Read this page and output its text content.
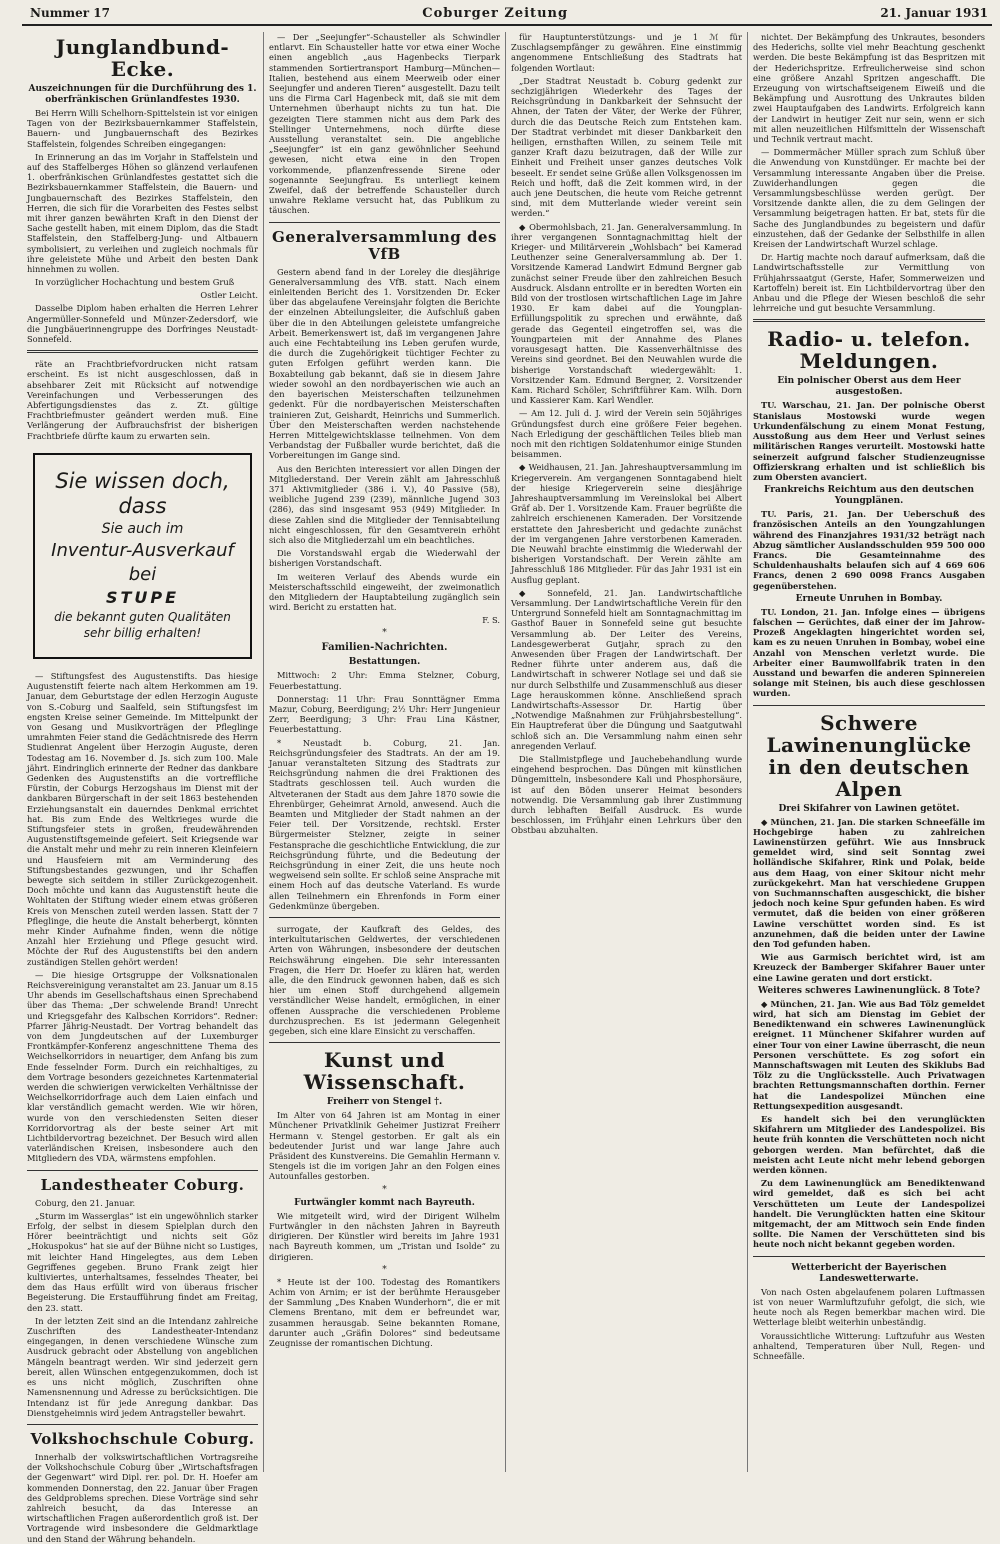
Nummer 17	Coburger Zeitung	21. Januar 1931
Junglandbund-Ecke.
Auszeichnungen für die Durchführung des 1. oberfränkischen Grünlandfestes 1930.

Bei Herrn Willi Schelhorn-Spittelstein ist vor einigen Tagen von der Bezirksbauernkammer Staffelstein, Bauern- und Jungbauernschaft des Bezirkes Staffelstein, folgendes Schreiben eingegangen:

In Erinnerung an das im Vorjahr in Staffelstein und auf des Staffelberges Höhen so glänzend verlaufenen 1. oberfränkischen Grünlandfestes gestattet sich die Bezirksbauernkammer Staffelstein, die Bauern- und Jungbauernschaft des Bezirkes Staffelstein, den Herren, die sich für die Vorarbeiten des Festes selbst mit ihrer ganzen bewährten Kraft in den Dienst der Sache gestellt haben, mit einem Diplom, das die Stadt Staffelstein, den Staffelberg-Jung- und Altbauern symbolisiert, zu verleihen und zugleich nochmals für ihre geleistete Mühe und Arbeit den besten Dank hinnehmen zu wollen.

In vorzüglicher Hochachtung und bestem Gruß

Ostler Leicht.

Dasselbe Diplom haben erhalten die Herren Lehrer Angermüller-Sonnefeld und Münzer-Zedersdorf, wie die Jungbäuerinnengruppe des Dorfringes Neustadt-Sonnefeld.

räte an Frachtbriefvordrucken nicht ratsam erscheint. Es ist nicht ausgeschlossen, daß in absehbarer Zeit mit Rücksicht auf notwendige Vereinfachungen und Verbesserungen des Abfertigungsdienstes das z. Zt. gültige Frachtbriefmuster geändert werden muß. Eine Verlängerung der Aufbrauchsfrist der bisherigen Frachtbriefe dürfte kaum zu erwarten sein.

Sie wissen doch, dass
Sie auch im
Inventur-Ausverkauf bei
STUPE
die bekannt guten Qualitäten sehr billig erhalten!

— Stiftungsfest des Augustenstifts. Das hiesige Augustenstift feierte nach altem Herkommen am 19. Januar, dem Geburtstage der edlen Herzogin Auguste von S.-Coburg und Saalfeld, sein Stiftungsfest im engsten Kreise seiner Gemeinde. Im Mittelpunkt der von Gesang und Musikvorträgen der Pfleglinge umrahmten Feier stand die Gedächtnisrede des Herrn Studienrat Angelent über Herzogin Auguste, deren Todestag am 16. November d. Js. sich zum 100. Male jährt. Eindringlich erinnerte der Redner das dankbare Gedenken des Augustenstifts an die vortreffliche Fürstin, der Coburgs Herzogshaus im Dienst mit der dankbaren Bürgerschaft in der seit 1863 bestehenden Erziehungsanstalt ein dauerndes Denkmal errichtet hat. Bis zum Ende des Weltkrieges wurde die Stiftungsfeier stets in großen, freudewährenden Augustenstiftsgemeinde gefeiert. Seit Kriegsende war die Anstalt mehr und mehr zu rein inneren Kleinfeiern und Hausfeiern mit am Verminderung des Stiftungsbestandes gezwungen, und ihr Schaffen bewegte sich seitdem in stiller Zurückgezogenheit. Doch möchte und kann das Augustenstift heute die Wohltaten der Stiftung wieder einem etwas größeren Kreis von Menschen zuteil werden lassen. Statt der 7 Pfleglinge, die heute die Anstalt beherbergt, könnten mehr Kinder Aufnahme finden, wenn die nötige Anzahl hier Erziehung und Pflege gesucht wird. Möchte der Ruf des Augustenstifts bei den andern zuständigen Stellen gehört werden!

— Die hiesige Ortsgruppe der Volksnationalen Reichsvereinigung veranstaltet am 23. Januar um 8.15 Uhr abends im Gesellschaftshaus einen Sprechabend über das Thema: „Der schwelende Brand! Unrecht und Kriegsgefahr des Kalbschen Korridors“. Redner: Pfarrer Jährig-Neustadt. Der Vortrag behandelt das von dem Jungdeutschen auf der Luxemburger Frontkämpfer-Konferenz angeschnittene Thema des Weichselkorridors in neuartiger, dem Anfang bis zum Ende fesselnder Form. Durch ein reichhaltiges, zu dem Vortrage besonders gezeichnetes Kartenmaterial werden die schwierigen verwickelten Verhältnisse der Weichselkorridorfrage auch dem Laien einfach und klar verständlich gemacht werden. Wie wir hören, wurde von den verschiedensten Seiten dieser Korridorvortrag als der beste seiner Art mit Lichtbildervortrag bezeichnet. Der Besuch wird allen vaterländischen Kreisen, insbesondere auch den Mitgliedern des VDA, wärmstens empfohlen.

Landestheater Coburg.

Coburg, den 21. Januar.

„Sturm im Wasserglas“ ist ein ungewöhnlich starker Erfolg, der selbst in diesem Spielplan durch den Hörer beeinträchtigt und nichts seit Göz „Hokuspokus“ hat sie auf der Bühne nicht so Lustiges, mit leichter Hand Hingelegtes, aus dem Leben Gegriffenes gegeben. Bruno Frank zeigt hier kultiviertes, unterhaltsames, fesselndes Theater, bei dem das Haus erfüllt wird von überaus frischer Begeisterung. Die Erstaufführung findet am Freitag, den 23. statt.

In der letzten Zeit sind an die Intendanz zahlreiche Zuschriften des Landestheater-Intendanz eingegangen, in denen verschiedene Wünsche zum Ausdruck gebracht oder Abstellung von angeblichen Mängeln beantragt werden. Wir sind jederzeit gern bereit, allen Wünschen entgegenzukommen, doch ist es uns nicht möglich, Zuschriften ohne Namensnennung und Adresse zu berücksichtigen. Die Intendanz ist für jede Anregung dankbar. Das Dienstgeheimnis wird jedem Antragsteller bewahrt.

Volkshochschule Coburg.

Innerhalb der volkswirtschaftlichen Vortragsreihe der Volkshochschule Coburg über „Wirtschaftsfragen der Gegenwart“ wird Dipl. rer. pol. Dr. H. Hoefer am kommenden Donnerstag, den 22. Januar über Fragen des Geldproblems sprechen. Diese Vorträge sind sehr zahlreich besucht, da das Interesse an wirtschaftlichen Fragen außerordentlich groß ist. Der Vortragende wird insbesondere die Geldmarktlage und den Stand der Währung behandeln.

— Der „Seejungfer“-Schausteller als Schwindler entlarvt. Ein Schausteller hatte vor etwa einer Woche einen angeblich „aus Hagenbecks Tierpark stammenden Sortiertransport Hamburg—München—Italien, bestehend aus einem Meerweib oder einer Seejungfer und anderen Tieren“ ausgestellt. Dazu teilt uns die Firma Carl Hagenbeck mit, daß sie mit dem Unternehmen überhaupt nichts zu tun hat. Die gezeigten Tiere stammen nicht aus dem Park des Stellinger Unternehmens, noch dürfte diese Ausstellung veranstaltet sein. Die angebliche „Seejungfer“ ist ein ganz gewöhnlicher Seehund gewesen, nicht etwa eine in den Tropen vorkommende, pflanzenfressende Sirene oder sogenannte Seejungfrau. Es unterliegt keinem Zweifel, daß der betreffende Schausteller durch unwahre Reklame versucht hat, das Publikum zu täuschen.

Generalversammlung des VfB

Gestern abend fand in der Loreley die diesjährige Generalversammlung des VfB. statt. Nach einem einleitenden Bericht des 1. Vorsitzenden Dr. Ecker über das abgelaufene Vereinsjahr folgten die Berichte der einzelnen Abteilungsleiter, die Aufschluß gaben über die in den Abteilungen geleistete umfangreiche Arbeit. Bemerkenswert ist, daß im vergangenen Jahre auch eine Fechtabteilung ins Leben gerufen wurde, die durch die Zugehörigkeit tüchtiger Fechter zu guten Erfolgen geführt werden kann. Die Boxabteilung gab bekannt, daß sie in diesem Jahre wieder sowohl an den nordbayerischen wie auch an den bayerischen Meisterschaften teilzunehmen gedenkt. Für die nordbayerischen Meisterschaften trainieren Zut, Geishardt, Heinrichs und Summerlich. Über den Meisterschaften werden nachstehende Herren Mittelgewichtsklasse teilnehmen. Von dem Verbandstag der Fußballer wurde berichtet, daß die Vorbereitungen im Gange sind.

Aus den Berichten interessiert vor allen Dingen der Mitgliederstand. Der Verein zählt am Jahresschluß 371 Aktivmitglieder (386 i. V.), 40 Passive (58), weibliche Jugend 239 (239), männliche Jugend 303 (286), das sind insgesamt 953 (949) Mitglieder. In diese Zahlen sind die Mitglieder der Tennisabteilung nicht eingeschlossen, für den Gesamtverein erhöht sich also die Mitgliederzahl um ein beachtliches.

Die Vorstandswahl ergab die Wiederwahl der bisherigen Vorstandschaft.

Im weiteren Verlauf des Abends wurde ein Meisterschaftsschild eingeweiht, der zweimonatlich den Mitgliedern der Hauptabteilung zugänglich sein wird. Bericht zu erstatten hat.

F. S.
*
Familien-Nachrichten.
Bestattungen.

Mittwoch: 2 Uhr: Emma Stelzner, Coburg, Feuerbestattung.

Donnerstag: 11 Uhr: Frau Sonnttägner Emma Mazur, Coburg, Beerdigung; 2½ Uhr: Herr Jungenieur Zerr, Beerdigung; 3 Uhr: Frau Lina Kästner, Feuerbestattung.

* Neustadt b. Coburg, 21. Jan. Reichsgründungsfeier des Stadtrats. An der am 19. Januar veranstalteten Sitzung des Stadtrats zur Reichsgründung nahmen die drei Fraktionen des Stadtrats geschlossen teil. Auch wurden die Altveteranen der Stadt aus dem Jahre 1870 sowie die Ehrenbürger, Geheimrat Arnold, anwesend. Auch die Beamten und Mitglieder der Stadt nahmen an der Feier teil. Der Vorsitzende, rechtskl. Erster Bürgermeister Stelzner, zeigte in seiner Festansprache die geschichtliche Entwicklung, die zur Reichsgründung führte, und die Bedeutung der Reichsgründung in einer Zeit, die uns heute noch wegweisend sein sollte. Er schloß seine Ansprache mit einem Hoch auf das deutsche Vaterland. Es wurde allen Teilnehmern ein Ehrenfonds in Form einer Gedenkmünze übergeben.

surrogate, der Kaufkraft des Geldes, des interkultutarischen Geldwertes, der verschiedenen Arten von Währungen, insbesondere der deutschen Reichswährung eingehen. Die sehr interessanten Fragen, die Herr Dr. Hoefer zu klären hat, werden alle, die den Eindruck gewonnen haben, daß es sich hier um einen Stoff durchgehend allgemein verständlicher Weise handelt, ermöglichen, in einer offenen Aussprache die verschiedenen Probleme durchzusprechen. Es ist jedermann Gelegenheit gegeben, sich eine klare Einsicht zu verschaffen.

Kunst und Wissenschaft.
Freiherr von Stengel †.

Im Alter von 64 Jahren ist am Montag in einer Münchener Privatklinik Geheimer Justizrat Freiherr Hermann v. Stengel gestorben. Er galt als ein bedeutender Jurist und war lange Jahre auch Präsident des Kunstvereins. Die Gemahlin Hermann v. Stengels ist die im vorigen Jahr an den Folgen eines Autounfalles gestorben.

*
Furtwängler kommt nach Bayreuth.

Wie mitgeteilt wird, wird der Dirigent Wilhelm Furtwängler in den nächsten Jahren in Bayreuth dirigieren. Der Künstler wird bereits im Jahre 1931 nach Bayreuth kommen, um „Tristan und Isolde“ zu dirigieren.

*

* Heute ist der 100. Todestag des Romantikers Achim von Arnim; er ist der berühmte Herausgeber der Sammlung „Des Knaben Wunderhorn“, die er mit Clemens Brentano, mit dem er befreundet war, zusammen herausgab. Seine bekannten Romane, darunter auch „Gräfin Dolores“ sind bedeutsame Zeugnisse der romantischen Dichtung.

für Hauptunterstützungs- und je 1 ℳ für Zuschlagsempfänger zu gewähren. Eine einstimmig angenommene Entschließung des Stadtrats hat folgenden Wortlaut:

„Der Stadtrat Neustadt b. Coburg gedenkt zur sechzigjährigen Wiederkehr des Tages der Reichsgründung in Dankbarkeit der Sehnsucht der Ahnen, der Taten der Väter, der Werke der Führer, durch die das Deutsche Reich zum Entstehen kam. Der Stadtrat verbindet mit dieser Dankbarkeit den heiligen, ernsthaften Willen, zu seinem Teile mit ganzer Kraft dazu beizutragen, daß der Wille zur Einheit und Freiheit unser ganzes deutsches Volk beseelt. Er sendet seine Grüße allen Volksgenossen im Reich und hofft, daß die Zeit kommen wird, in der auch jene Deutschen, die heute vom Reiche getrennt sind, mit dem Mutterlande wieder vereint sein werden.“

◆ Obermohlsbach, 21. Jan. Generalversammlung. In ihrer vergangenen Sonntagnachmittag hielt der Krieger- und Militärverein „Wohlsbach“ bei Kamerad Leuthenzer seine Generalversammlung ab. Der 1. Vorsitzende Kamerad Landwirt Edmund Bergner gab zunächst seiner Freude über den zahlreichen Besuch Ausdruck. Alsdann entrollte er in beredten Worten ein Bild von der trostlosen wirtschaftlichen Lage im Jahre 1930. Er kam dabei auf die Youngplan-Erfüllungspolitik zu sprechen und erwähnte, daß gerade das Gegenteil eingetroffen sei, was die Youngparteien mit der Annahme des Planes vorausgesagt hatten. Die Kassenverhältnisse des Vereins sind geordnet. Bei den Neuwahlen wurde die bisherige Vorstandschaft wiedergewählt: 1. Vorsitzender Kam. Edmund Bergner, 2. Vorsitzender Kam. Richard Schöler, Schriftführer Kam. Wilh. Dorn und Kassierer Kam. Karl Wendler.

— Am 12. Juli d. J. wird der Verein sein 50jähriges Gründungsfest durch eine größere Feier begehen. Nach Erledigung der geschäftlichen Teiles blieb man noch mit den richtigen Soldatenhumor einige Stunden beisammen.

◆ Weidhausen, 21. Jan. Jahreshauptversammlung im Kriegerverein. Am vergangenen Sonntagabend hielt der hiesige Kriegerverein seine diesjährige Jahreshauptversammlung im Vereinslokal bei Albert Gräf ab. Der 1. Vorsitzende Kam. Frauer begrüßte die zahlreich erschienenen Kameraden. Der Vorsitzende erstattete den Jahresbericht und gedachte zunächst der im vergangenen Jahre verstorbenen Kameraden. Die Neuwahl brachte einstimmig die Wiederwahl der bisherigen Vorstandschaft. Der Verein zählte am Jahresschluß 186 Mitglieder. Für das Jahr 1931 ist ein Ausflug geplant.

◆ Sonnefeld, 21. Jan. Landwirtschaftliche Versammlung. Der Landwirtschaftliche Verein für den Untergrund Sonnefeld hielt am Sonntagnachmittag im Gasthof Bauer in Sonnefeld seine gut besuchte Versammlung ab. Der Leiter des Vereins, Landesgewerberat Gutjahr, sprach zu den Anwesenden über Fragen der Landwirtschaft. Der Redner führte unter anderem aus, daß die Landwirtschaft in schwerer Notlage sei und daß sie nur durch Selbsthilfe und Zusammenschluß aus dieser Lage herauskommen könne. Anschließend sprach Landwirtschafts-Assessor Dr. Hartig über „Notwendige Maßnahmen zur Frühjahrsbestellung“. Ein Hauptreferat über die Düngung und Saatgutwahl schloß sich an. Die Versammlung nahm einen sehr anregenden Verlauf.

Die Stallmistpflege und Jauchebehandlung wurde eingehend besprochen. Das Düngen mit künstlichen Düngemitteln, insbesondere Kali und Phosphorsäure, ist auf den Böden unserer Heimat besonders notwendig. Die Versammlung gab ihrer Zustimmung durch lebhaften Beifall Ausdruck. Es wurde beschlossen, im Frühjahr einen Lehrkurs über den Obstbau abzuhalten.

nichtet. Der Bekämpfung des Unkrautes, besonders des Hederichs, sollte viel mehr Beachtung geschenkt werden. Die beste Bekämpfung ist das Bespritzen mit der Hederichspritze. Erfreulicherweise sind schon eine größere Anzahl Spritzen angeschafft. Die Erzeugung von wirtschaftseigenem Eiweiß und die Bekämpfung und Ausrottung des Unkrautes bilden zwei Hauptaufgaben des Landwirts. Erfolgreich kann der Landwirt in heutiger Zeit nur sein, wenn er sich mit allen neuzeitlichen Hilfsmitteln der Wissenschaft und Technik vertraut macht.

— Dommermächer Müller sprach zum Schluß über die Anwendung von Kunstdünger. Er machte bei der Versammlung interessante Angaben über die Preise. Zuwiderhandlungen gegen die Versammlungsbeschlüsse werden gerügt. Der Vorsitzende dankte allen, die zu dem Gelingen der Versammlung beigetragen hatten. Er bat, stets für die Sache des Junglandbundes zu begeistern und dafür einzustehen, daß der Gedanke der Selbsthilfe in allen Kreisen der Landwirtschaft Wurzel schlage.

Dr. Hartig machte noch darauf aufmerksam, daß die Landwirtschaftsstelle zur Vermittlung von Frühjahrssaatgut (Gerste, Hafer, Sommerweizen und Kartoffeln) bereit ist. Ein Lichtbildervortrag über den Anbau und die Pflege der Wiesen beschloß die sehr lehrreiche und gut besuchte Versammlung.

Radio- u. telefon. Meldungen.
Ein polnischer Oberst aus dem Heer ausgestoßen.

TU. Warschau, 21. Jan. Der polnische Oberst Stanislaus Mostowski wurde wegen Urkundenfälschung zu einem Monat Festung, Ausstoßung aus dem Heer und Verlust seines militärischen Ranges verurteilt. Mostowski hatte seinerzeit aufgrund falscher Studienzeugnisse Offizierskrang erhalten und ist schließlich bis zum Obersten avanciert.

Frankreichs Reichtum aus den deutschen Youngplänen.

TU. Paris, 21. Jan. Der Ueberschuß des französischen Anteils an den Youngzahlungen während des Finanzjahres 1931/32 beträgt nach Abzug sämtlicher Auslandsschulden 959 500 000 Francs. Die Gesamteinnahme des Schuldenhaushalts belaufen sich auf 4 669 606 Francs, denen 2 690 0098 Francs Ausgaben gegenüberstehen.

Erneute Unruhen in Bombay.

TU. London, 21. Jan. Infolge eines — übrigens falschen — Gerüchtes, daß einer der im Jahrow-Prozeß Angeklagten hingerichtet worden sei, kam es zu neuen Unruhen in Bombay, wobei eine Anzahl von Menschen verletzt wurde. Die Arbeiter einer Baumwollfabrik traten in den Ausstand und bewarfen die anderen Spinnereien solange mit Steinen, bis auch diese geschlossen wurden.

Schwere Lawinenunglücke in den deutschen Alpen
Drei Skifahrer von Lawinen getötet.

◆ München, 21. Jan. Die starken Schneefälle im Hochgebirge haben zu zahlreichen Lawinenstürzen geführt. Wie aus Innsbruck gemeldet wird, sind seit Sonntag zwei holländische Skifahrer, Rink und Polak, beide aus dem Haag, von einer Skitour nicht mehr zurückgekehrt. Man hat verschiedene Gruppen von Suchmannschaften ausgeschickt, die bisher jedoch noch keine Spur gefunden haben. Es wird vermutet, daß die beiden von einer größeren Lawine verschüttet worden sind. Es ist anzunehmen, daß die beiden unter der Lawine den Tod gefunden haben.

Wie aus Garmisch berichtet wird, ist am Kreuzeck der Bamberger Skifahrer Bauer unter eine Lawine geraten und dort erstickt.

Weiteres schweres Lawinenunglück. 8 Tote?

◆ München, 21. Jan. Wie aus Bad Tölz gemeldet wird, hat sich am Dienstag im Gebiet der Benediktenwand ein schweres Lawinenunglück ereignet. 11 Münchener Skifahrer wurden auf einer Tour von einer Lawine überrascht, die neun Personen verschüttete. Es zog sofort ein Mannschaftswagen mit Leuten des Skiklubs Bad Tölz zu die Unglücksstelle. Auch Privatwagen brachten Rettungsmannschaften dorthin. Ferner hat die Landespolizei München eine Rettungsexpedition ausgesandt.

Es handelt sich bei den verunglückten Skifahrern um Mitglieder des Landespolizei. Bis heute früh konnten die Verschütteten noch nicht geborgen werden. Man befürchtet, daß die meisten acht Leute nicht mehr lebend geborgen werden können.

Zu dem Lawinenunglück am Benediktenwand wird gemeldet, daß es sich bei acht Verschütteten um Leute der Landespolizei handelt. Die Verunglückten hatten eine Skitour mitgemacht, der am Mittwoch sein Ende finden sollte. Die Namen der Verschütteten sind bis heute noch nicht bekannt gegeben worden.

Wetterbericht der Bayerischen Landeswetterwarte.

Von nach Osten abgelaufenem polaren Luftmassen ist von neuer Warmluftzufuhr gefolgt, die sich, wie heute noch als Regen bemerkbar machen wird. Die Wetterlage bleibt weiterhin unbeständig.

Voraussichtliche Witterung: Luftzufuhr aus Westen anhaltend, Temperaturen über Null, Regen- und Schneefälle.
